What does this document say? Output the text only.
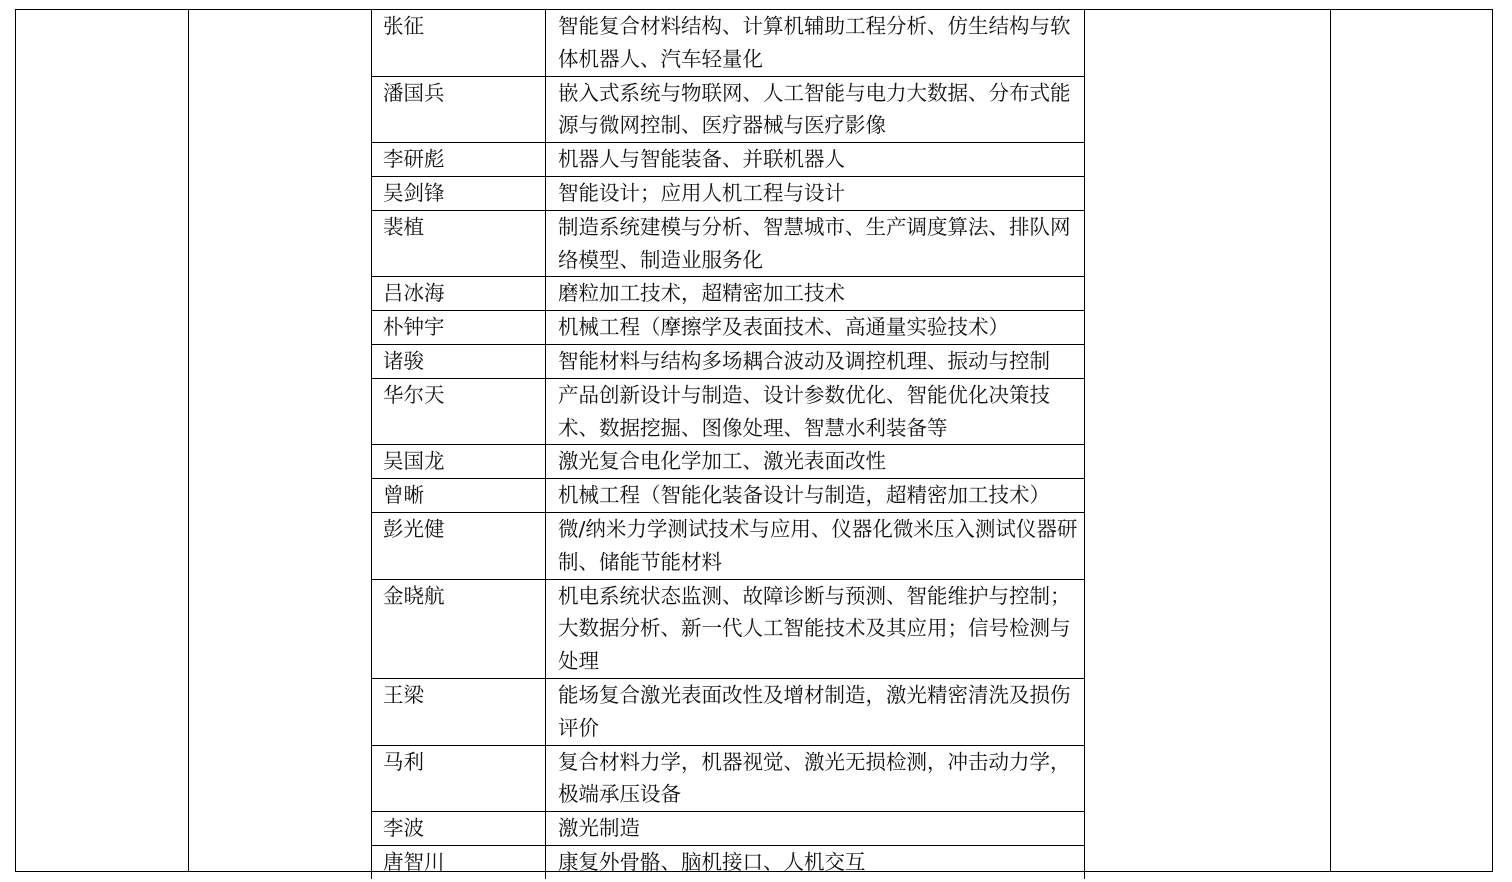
张征	智能复合材料结构、计算机辅助工程分析、仿生结构与软体机器人、汽车轻量化
潘国兵	嵌入式系统与物联网、人工智能与电力大数据、分布式能源与微网控制、医疗器械与医疗影像
李研彪	机器人与智能装备、并联机器人
吴剑锋	智能设计；应用人机工程与设计
裴植	制造系统建模与分析、智慧城市、生产调度算法、排队网络模型、制造业服务化
吕冰海	磨粒加工技术，超精密加工技术
朴钟宇	机械工程（摩擦学及表面技术、高通量实验技术）
诸骏	智能材料与结构多场耦合波动及调控机理、振动与控制
华尔天	产品创新设计与制造、设计参数优化、智能优化决策技术、数据挖掘、图像处理、智慧水利装备等
吴国龙	激光复合电化学加工、激光表面改性
曾晰	机械工程（智能化装备设计与制造，超精密加工技术）
彭光健	微/纳米力学测试技术与应用、仪器化微米压入测试仪器研制、储能节能材料
金晓航	机电系统状态监测、故障诊断与预测、智能维护与控制；大数据分析、新一代人工智能技术及其应用；信号检测与处理
王梁	能场复合激光表面改性及增材制造，激光精密清洗及损伤评价
马利	复合材料力学，机器视觉、激光无损检测，冲击动力学，极端承压设备
李波	激光制造
唐智川	康复外骨骼、脑机接口、人机交互
